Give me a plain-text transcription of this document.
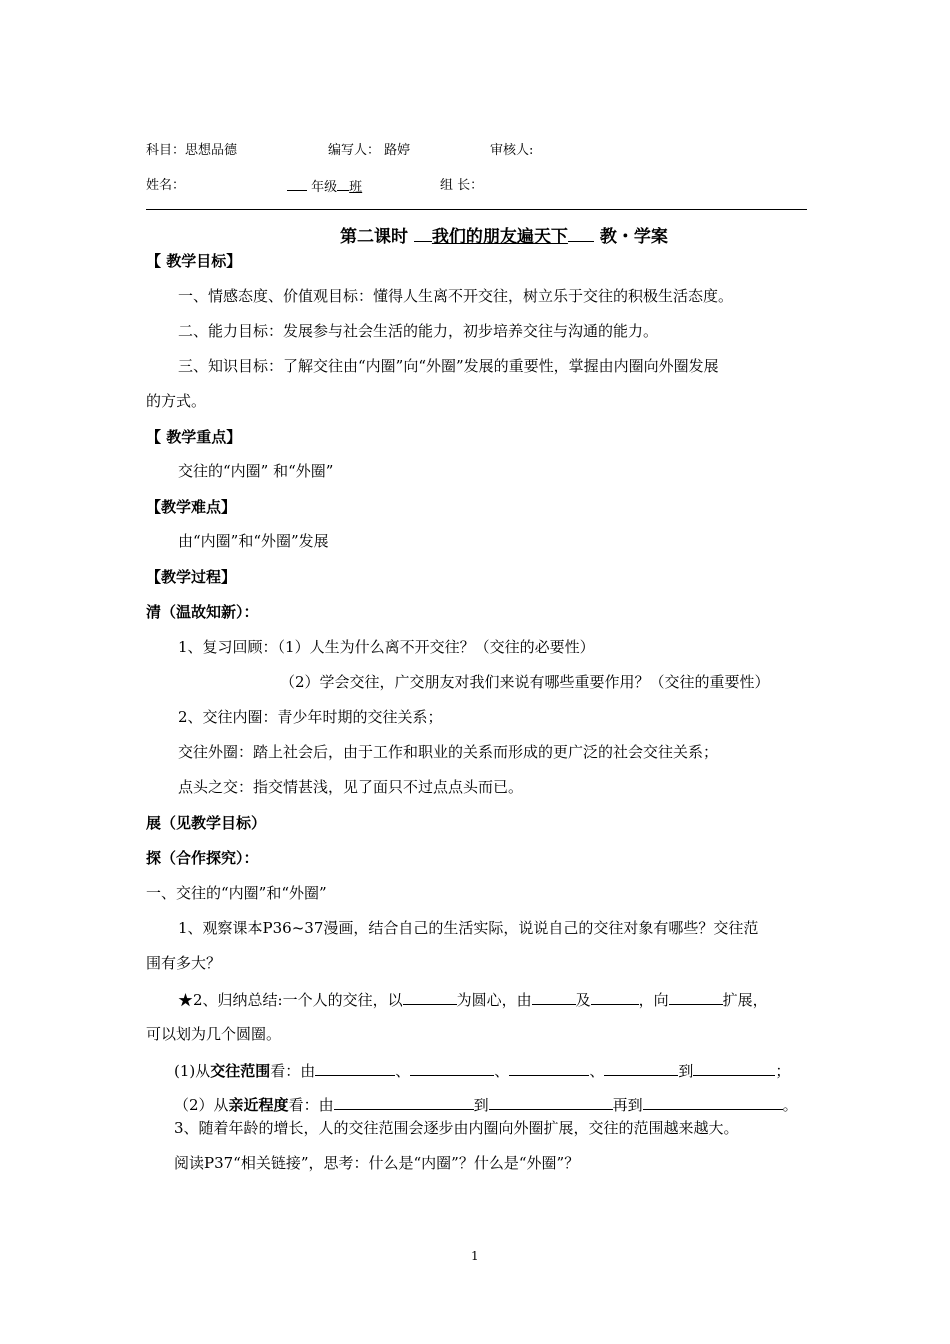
科目：思想品德	编写人： 路婷	审核人:
姓名：	年级 班	组 长：
第二课时 我们的朋友遍天下 教・学案
【 教学目标】
一、情感态度、价值观目标：懂得人生离不开交往，树立乐于交往的积极生活态度。
二、能力目标：发展参与社会生活的能力，初步培养交往与沟通的能力。
三、知识目标：了解交往由“内圈”向“外圈”发展的重要性，掌握由内圈向外圈发展
的方式。
【 教学重点】
交往的“内圈” 和“外圈”
【教学难点】
由“内圈”和“外圈”发展
【教学过程】
清（温故知新）：
1、复习回顾：（1）人生为什么离不开交往？（交往的必要性）
（2）学会交往，广交朋友对我们来说有哪些重要作用？（交往的重要性）
2、交往内圈：青少年时期的交往关系；
交往外圈：踏上社会后，由于工作和职业的关系而形成的更广泛的社会交往关系；
点头之交：指交情甚浅，见了面只不过点点头而已。
展（见教学目标）
探（合作探究）：
一、交往的“内圈”和“外圈”
1、观察课本P36~37漫画，结合自己的生活实际，说说自己的交往对象有哪些？交往范
围有多大？
★2、归纳总结:一个人的交往，以	为圆心，由	及	，向	扩展，
可以划为几个圆圈。
(1)从交往范围看：由	、	、	、	到	；
（2）从亲近程度看：由	到	再到	。
3、随着年龄的增长，人的交往范围会逐步由内圈向外圈扩展，交往的范围越来越大。
阅读P37“相关链接”，思考：什么是“内圈”？什么是“外圈”？
1
